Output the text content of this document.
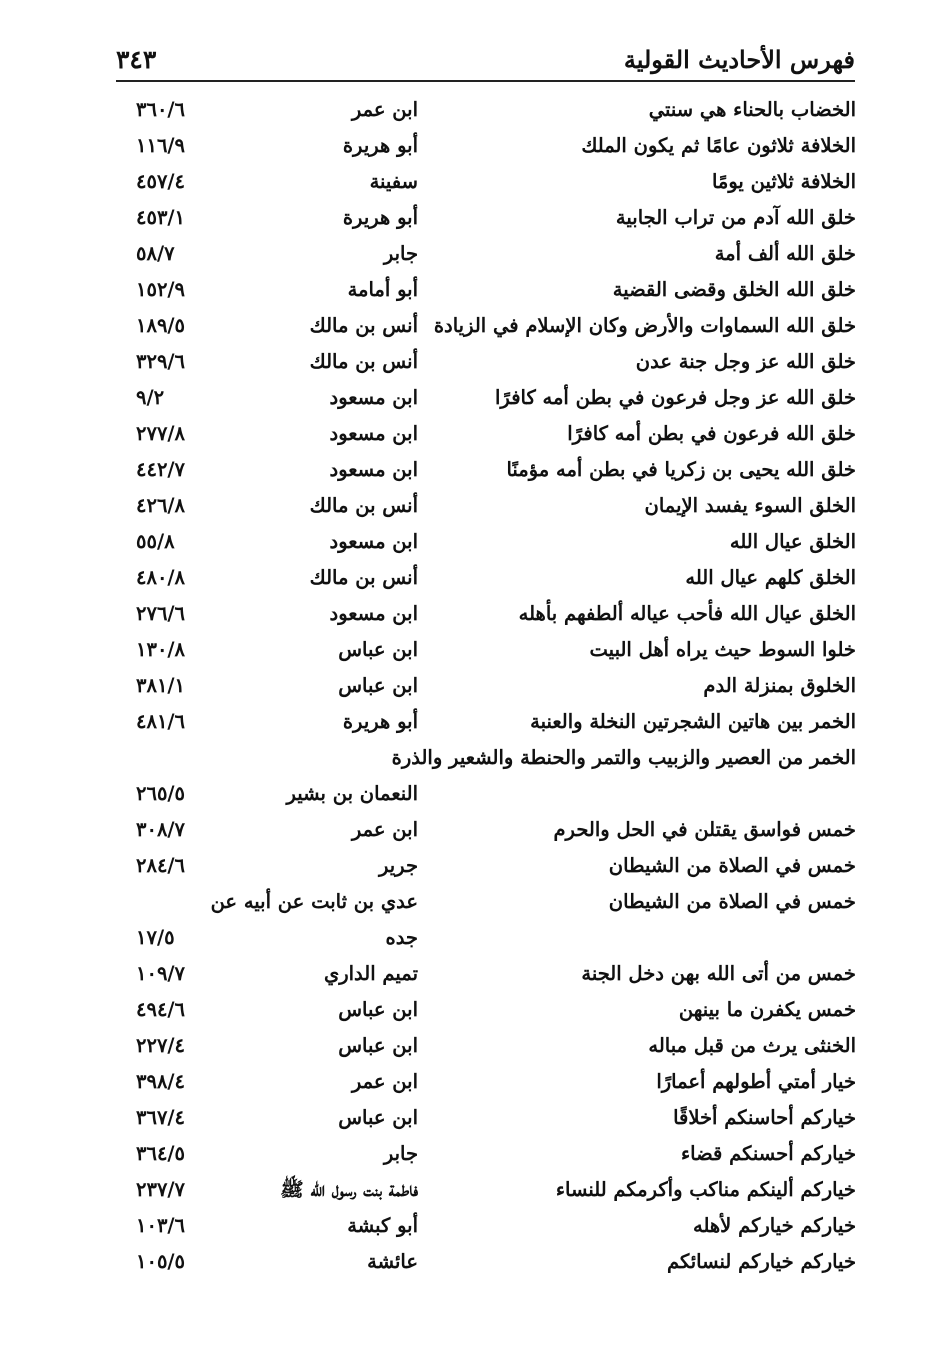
فهرس الأحاديث القولية
٣٤٣
الخضاب بالحناء هي سنتي
ابن عمر
٣٦٠/٦
الخلافة ثلاثون عامًا ثم يكون الملك
أبو هريرة
١١٦/٩
الخلافة ثلاثين يومًا
سفينة
٤٥٧/٤
خلق الله آدم من تراب الجابية
أبو هريرة
٤٥٣/١
خلق الله ألف أمة
جابر
٥٨/٧
خلق الله الخلق وقضى القضية
أبو أمامة
١٥٢/٩
خلق الله السماوات والأرض وكان الإسلام في الزيادة
أنس بن مالك
١٨٩/٥
خلق الله عز وجل جنة عدن
أنس بن مالك
٣٢٩/٦
خلق الله عز وجل فرعون في بطن أمه كافرًا
ابن مسعود
٩/٢
خلق الله فرعون في بطن أمه كافرًا
ابن مسعود
٢٧٧/٨
خلق الله يحيى بن زكريا في بطن أمه مؤمنًا
ابن مسعود
٤٤٢/٧
الخلق السوء يفسد الإيمان
أنس بن مالك
٤٢٦/٨
الخلق عيال الله
ابن مسعود
٥٥/٨
الخلق كلهم عيال الله
أنس بن مالك
٤٨٠/٨
الخلق عيال الله فأحب عياله ألطفهم بأهله
ابن مسعود
٢٧٦/٦
خلوا السوط حيث يراه أهل البيت
ابن عباس
١٣٠/٨
الخلوق بمنزلة الدم
ابن عباس
٣٨١/١
الخمر بين هاتين الشجرتين النخلة والعنبة
أبو هريرة
٤٨١/٦
الخمر من العصير والزبيب والتمر والحنطة والشعير والذرة
النعمان بن بشير
٢٦٥/٥
خمس فواسق يقتلن في الحل والحرم
ابن عمر
٣٠٨/٧
خمس في الصلاة من الشيطان
جرير
٢٨٤/٦
خمس في الصلاة من الشيطان
عدي بن ثابت عن أبيه عن جده
١٧/٥
خمس من أتى الله بهن دخل الجنة
تميم الداري
١٠٩/٧
خمس يكفرن ما بينهن
ابن عباس
٤٩٤/٦
الخنثى يرث من قبل مباله
ابن عباس
٢٢٧/٤
خيار أمتي أطولهم أعمارًا
ابن عمر
٣٩٨/٤
خياركم أحاسنكم أخلاقًا
ابن عباس
٣٦٧/٤
خياركم أحسنكم قضاء
جابر
٣٦٤/٥
خياركم ألينكم مناكب وأكرمكم للنساء
فاطمة بنت رسول الله ﷺ
٢٣٧/٧
خياركم خياركم لأهله
أبو كبشة
١٠٣/٦
خياركم خياركم لنسائكم
عائشة
١٠٥/٥
